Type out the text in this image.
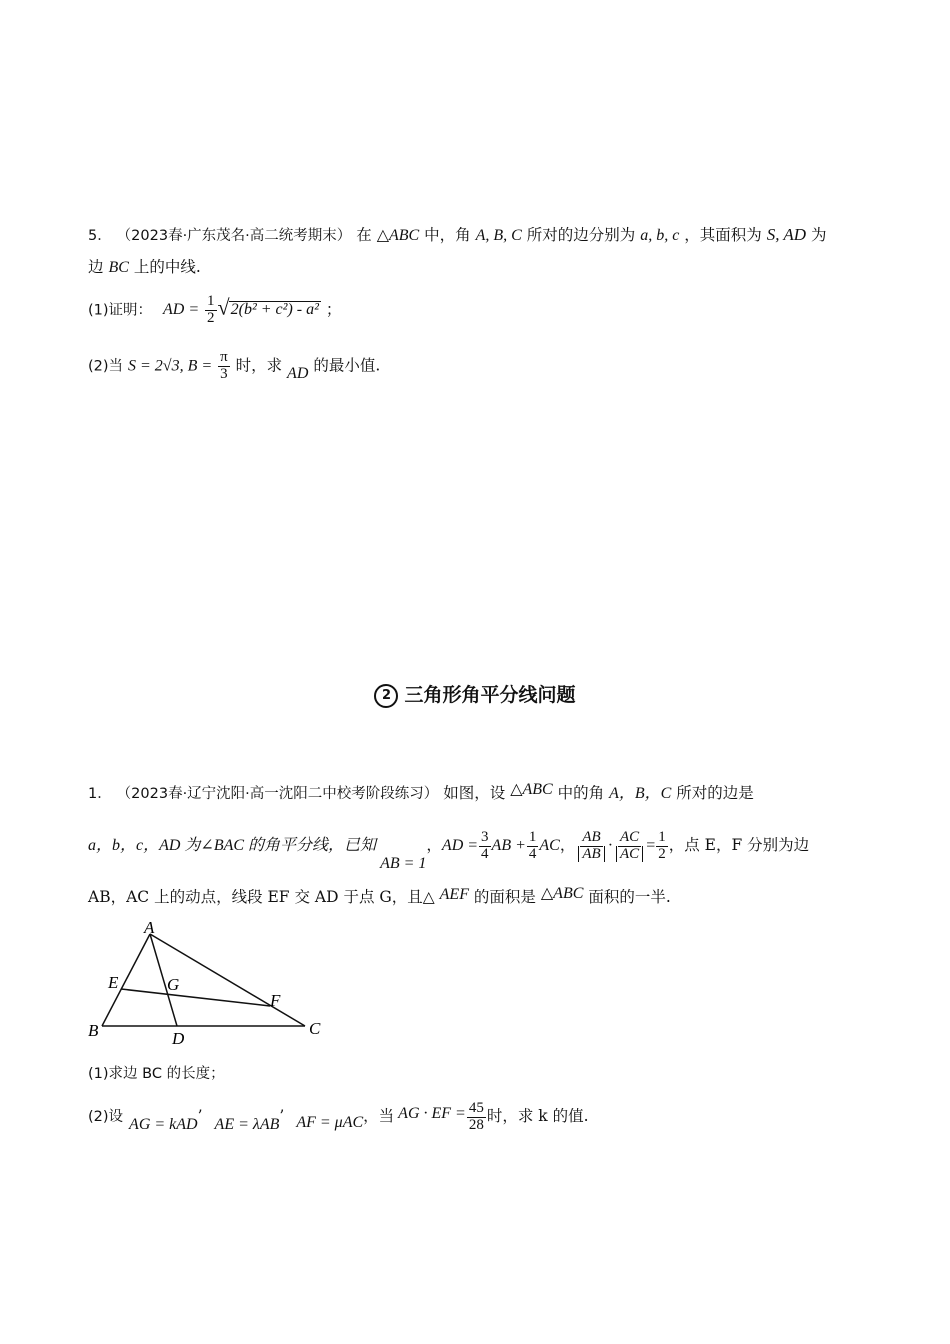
5． （2023春·广东茂名·高二统考期末） 在 △ABC 中，角 A, B, C 所对的边分别为 a, b, c ，其面积为 S, AD 为
边 BC 上的中线.
(1)证明： AD = $\frac{1}{2} √2(b^2 + c^2) - a^2$ ；
(2)当 S = 2√3, $B = \frac{\pi}{3}$ 时，求 AD 的最小值.
2 三角形角平分线问题
1． （2023春·辽宁沈阳·高一沈阳二中校考阶段练习） 如图，设 △ABC 中的角 A，B，C 所对的边是
a，b，c，AD 为∠BAC 的角平分线，已知
AB = 1
， AD = $\frac{3}{4}$ AB + $\frac{1}{4}$ AC ， $\frac{AB}{AB} \cdot \frac{AC}{AC} = \frac{1}{2}$ ，点 E，F 分别为边
AB，AC 上的动点，线段 EF 交 AD 于点 G，且△ AEF 的面积是 △ABC 面积的一半.
A
B	C
D
E
F
G
(1)求边 BC 的长度；
(2)设 AG = kAD ’ AE = λAB ’ AF = μAC ， 当 AG · EF = $\frac{45}{28}$ 时，求 k 的值.
